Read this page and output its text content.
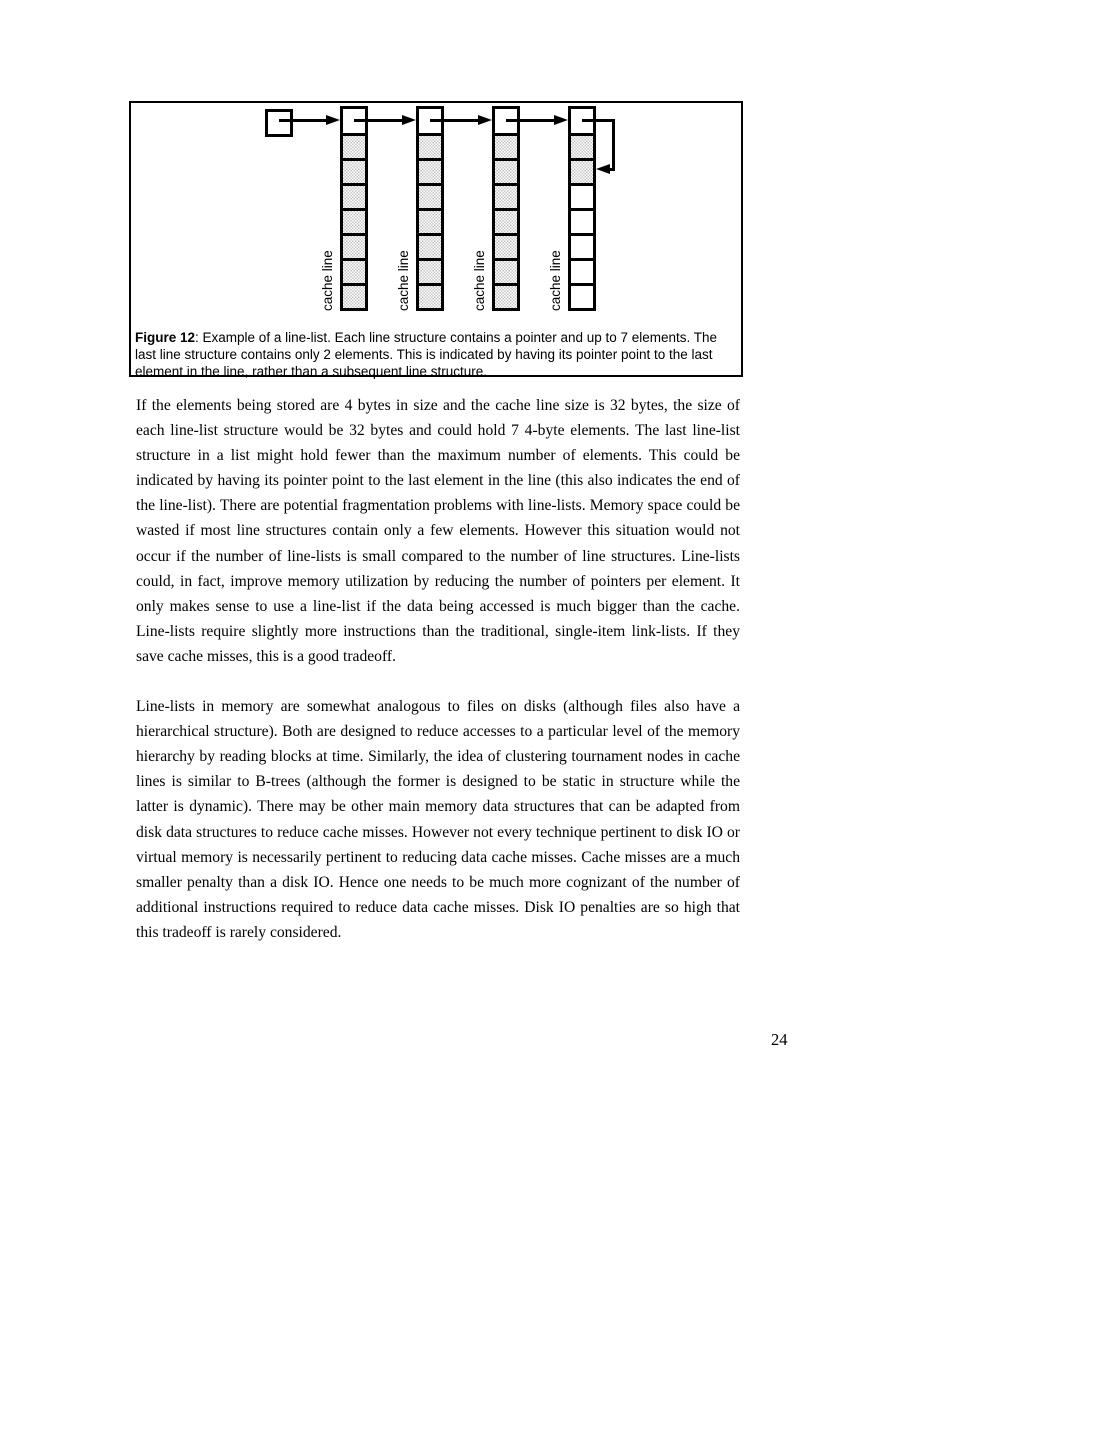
cache line	cache line	cache line	cache line
Figure 12: Example of a line-list. Each line structure contains a pointer and up to 7 elements. The last line structure contains only 2 elements. This is indicated by having its pointer point to the last element in the line, rather than a subsequent line structure.

If the elements being stored are 4 bytes in size and the cache line size is 32 bytes, the size of each line-list structure would be 32 bytes and could hold 7 4-byte elements. The last line-list structure in a list might hold fewer than the maximum number of elements. This could be indicated by having its pointer point to the last element in the line (this also indicates the end of the line-list). There are potential fragmentation problems with line-lists. Memory space could be wasted if most line structures contain only a few elements. However this situation would not occur if the number of line-lists is small compared to the number of line structures. Line-lists could, in fact, improve memory utilization by reducing the number of pointers per element. It only makes sense to use a line-list if the data being accessed is much bigger than the cache. Line-lists require slightly more instructions than the traditional, single-item link-lists. If they save cache misses, this is a good tradeoff.

Line-lists in memory are somewhat analogous to files on disks (although files also have a hierarchical structure). Both are designed to reduce accesses to a particular level of the memory hierarchy by reading blocks at time. Similarly, the idea of clustering tournament nodes in cache lines is similar to B-trees (although the former is designed to be static in structure while the latter is dynamic). There may be other main memory data structures that can be adapted from disk data structures to reduce cache misses. However not every technique pertinent to disk IO or virtual memory is necessarily pertinent to reducing data cache misses. Cache misses are a much smaller penalty than a disk IO. Hence one needs to be much more cognizant of the number of additional instructions required to reduce data cache misses. Disk IO penalties are so high that this tradeoff is rarely considered.

24
